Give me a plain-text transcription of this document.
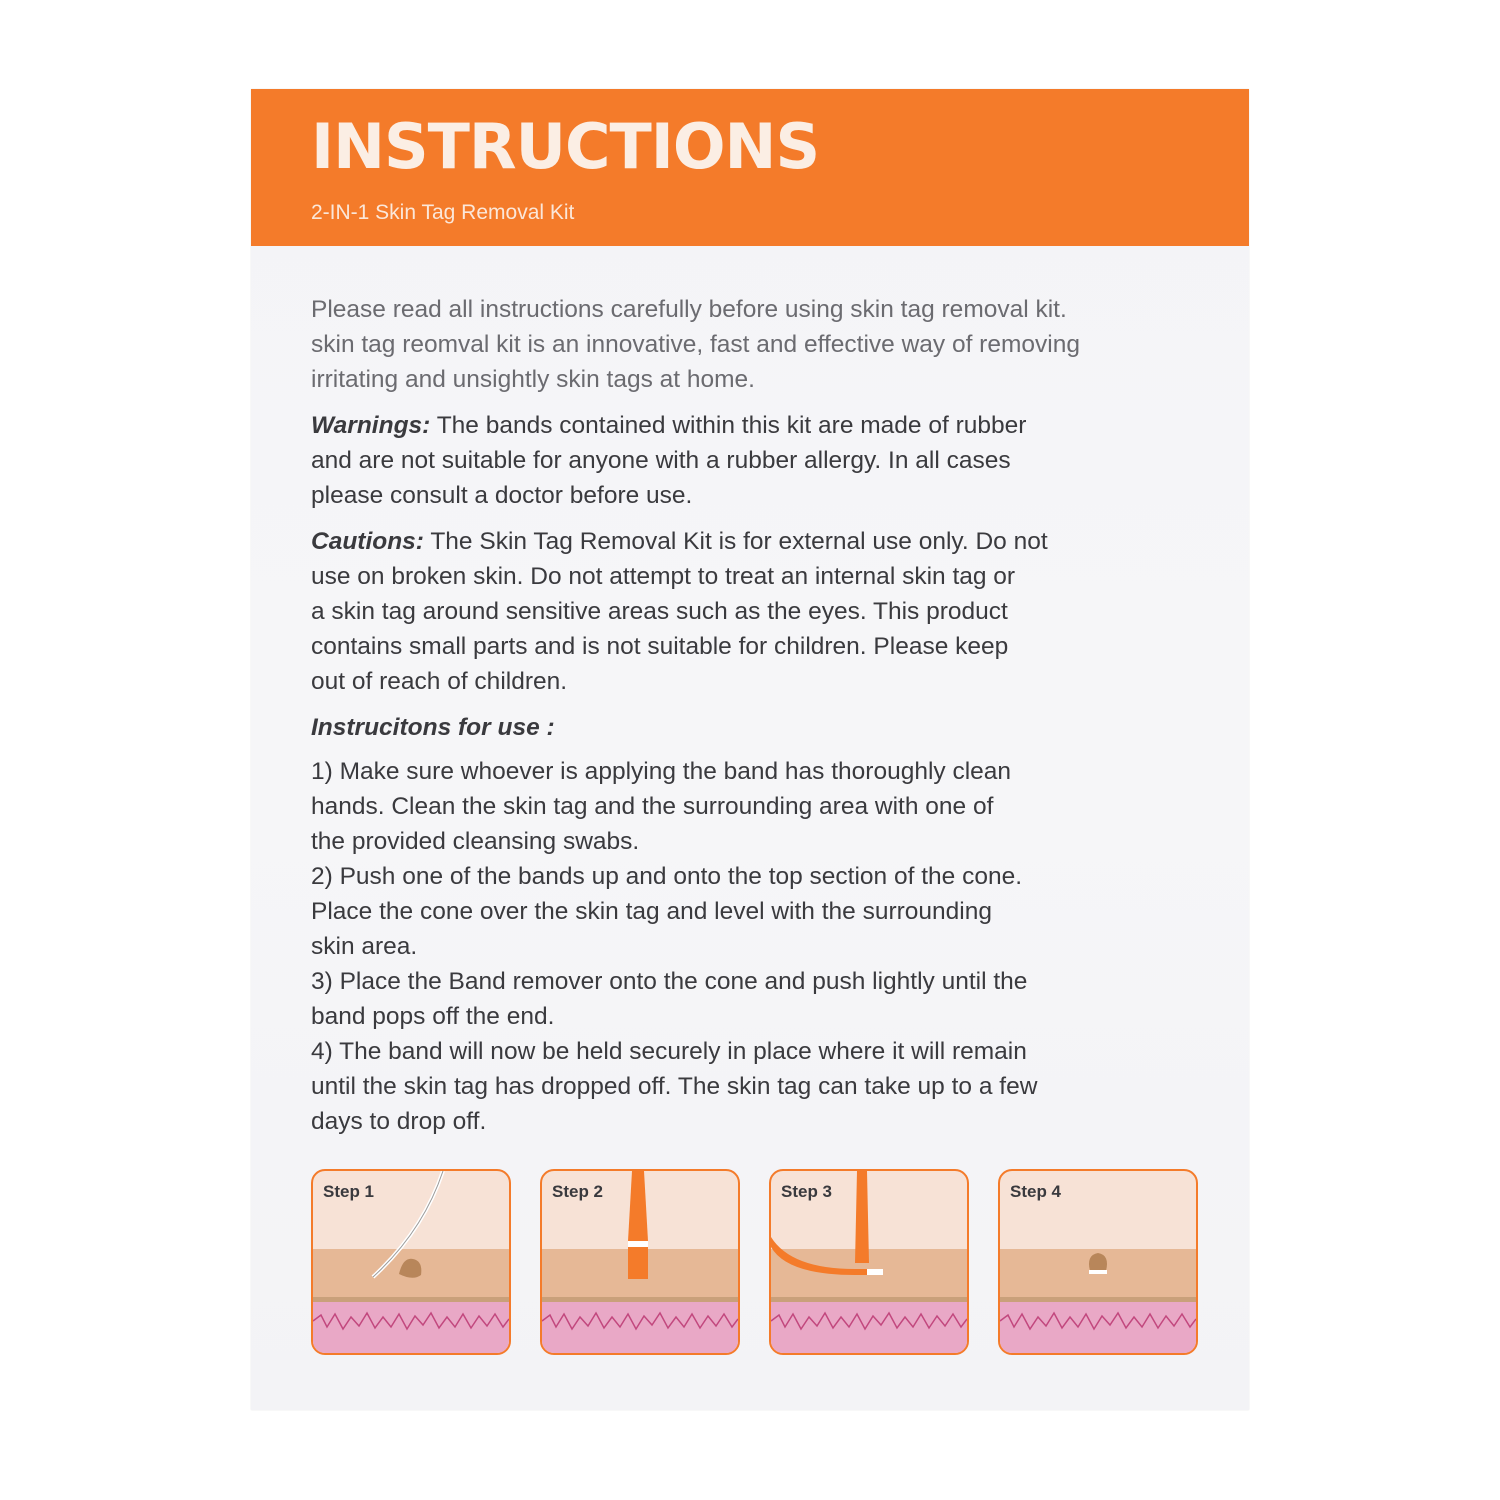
INSTRUCTIONS
2-IN-1 Skin Tag Removal Kit

Please read all instructions carefully before using skin tag removal kit.
skin tag reomval kit is an innovative, fast and effective way of removing
irritating and unsightly skin tags at home.

Warnings: The bands contained within this kit are made of rubber
and are not suitable for anyone with a rubber allergy. In all cases
please consult a doctor before use.

Cautions: The Skin Tag Removal Kit is for external use only. Do not
use on broken skin. Do not attempt to treat an internal skin tag or
a skin tag around sensitive areas such as the eyes. This product
contains small parts and is not suitable for children. Please keep
out of reach of children.

Instrucitons for use :

1) Make sure whoever is applying the band has thoroughly clean

hands. Clean the skin tag and the surrounding area with one of

the provided cleansing swabs.

2) Push one of the bands up and onto the top section of the cone.

Place the cone over the skin tag and level with the surrounding

skin area.

3) Place the Band remover onto the cone and push lightly until the

band pops off the end.

4) The band will now be held securely in place where it will remain

until the skin tag has dropped off. The skin tag can take up to a few

days to drop off.

Step 1	Step 2	Step 3	Step 4
